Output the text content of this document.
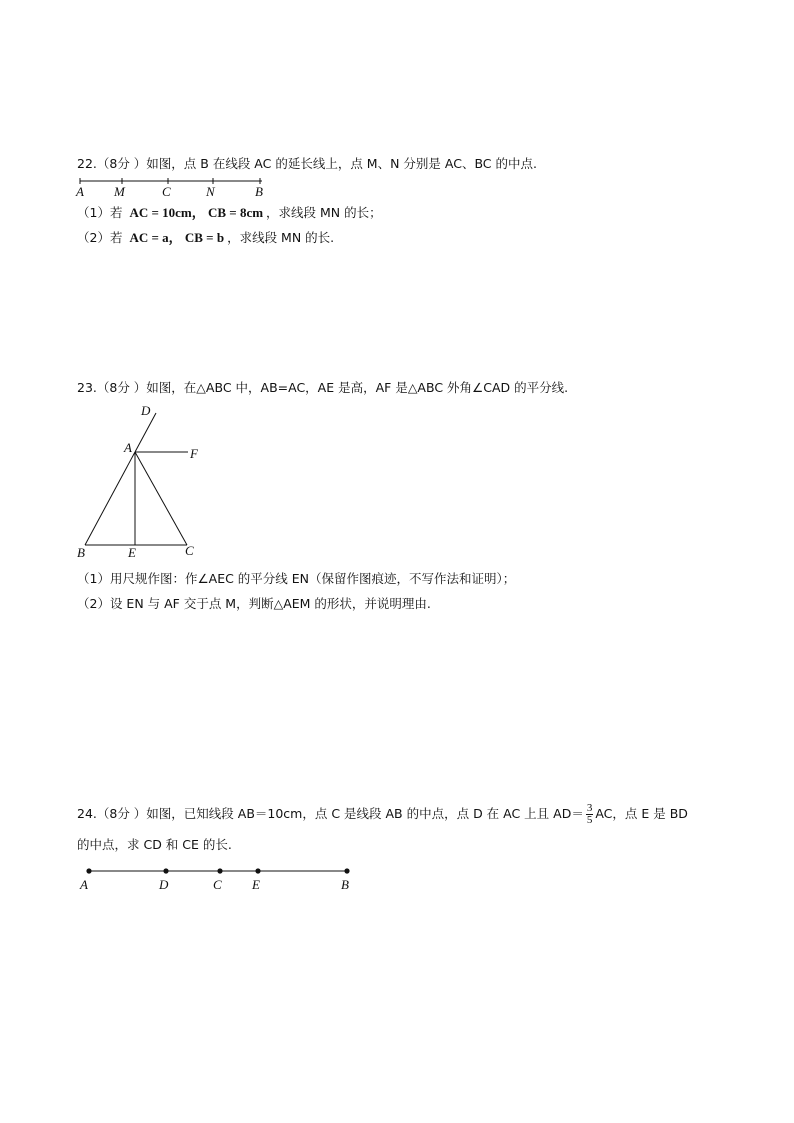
22.（8分 ）如图，点 B 在线段 AC 的延长线上，点 M、N 分别是 AC、BC 的中点.
A M	C	N	B
D
A	F
B	E	C
A	D	C E	B
（1）若 AC = 10cm， CB = 8cm ，求线段 MN 的长；
（2）若 AC = a， CB = b ，求线段 MN 的长.
23.（8分 ）如图，在△ABC 中，AB=AC，AE 是高，AF 是△ABC 外角∠CAD 的平分线.
（1）用尺规作图：作∠AEC 的平分线 EN（保留作图痕迹，不写作法和证明）；
（2）设 EN 与 AF 交于点 M，判断△AEM 的形状，并说明理由.
24.（8分 ）如图，已知线段 AB＝10cm，点 C 是线段 AB 的中点，点 D 在 AC 上且 $AD= \frac{3}{5}$ AC，点 E 是 BD
的中点，求 CD 和 CE 的长.
